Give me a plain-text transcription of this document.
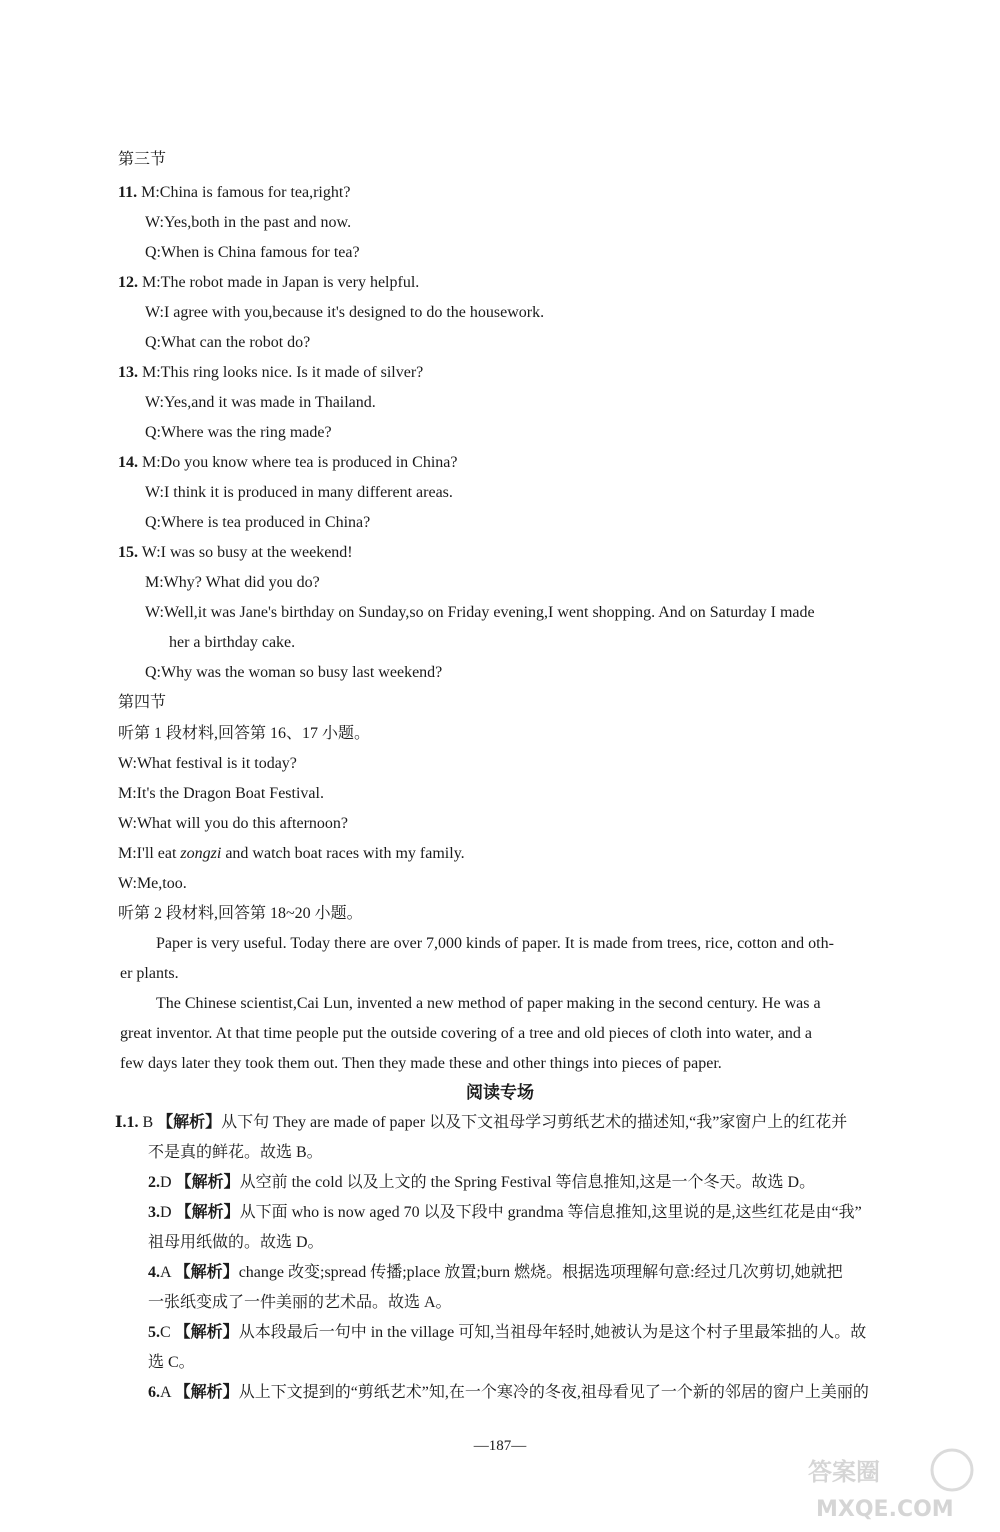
第三节
11. M:China is famous for tea,right?
W:Yes,both in the past and now.
Q:When is China famous for tea?
12. M:The robot made in Japan is very helpful.
W:I agree with you,because it's designed to do the housework.
Q:What can the robot do?
13. M:This ring looks nice. Is it made of silver?
W:Yes,and it was made in Thailand.
Q:Where was the ring made?
14. M:Do you know where tea is produced in China?
W:I think it is produced in many different areas.
Q:Where is tea produced in China?
15. W:I was so busy at the weekend!
M:Why? What did you do?
W:Well,it was Jane's birthday on Sunday,so on Friday evening,I went shopping. And on Saturday I made
her a birthday cake.
Q:Why was the woman so busy last weekend?
第四节
听第 1 段材料,回答第 16、17 小题。
W:What festival is it today?
M:It's the Dragon Boat Festival.
W:What will you do this afternoon?
M:I'll eat zongzi and watch boat races with my family.
W:Me,too.
听第 2 段材料,回答第 18~20 小题。
Paper is very useful. Today there are over 7,000 kinds of paper. It is made from trees, rice, cotton and oth-
er plants.
The Chinese scientist,Cai Lun, invented a new method of paper making in the second century. He was a
great inventor. At that time people put the outside covering of a tree and old pieces of cloth into water, and a
few days later they took them out. Then they made these and other things into pieces of paper.
阅读专场
Ⅰ.1. B 【解析】从下句 They are made of paper 以及下文祖母学习剪纸艺术的描述知,“我”家窗户上的红花并
不是真的鲜花。故选 B。
2.D 【解析】从空前 the cold 以及上文的 the Spring Festival 等信息推知,这是一个冬天。故选 D。
3.D 【解析】从下面 who is now aged 70 以及下段中 grandma 等信息推知,这里说的是,这些红花是由“我”
祖母用纸做的。故选 D。
4.A 【解析】change 改变;spread 传播;place 放置;burn 燃烧。根据选项理解句意:经过几次剪切,她就把
一张纸变成了一件美丽的艺术品。故选 A。
5.C 【解析】从本段最后一句中 in the village 可知,当祖母年轻时,她被认为是这个村子里最笨拙的人。故
选 C。
6.A 【解析】从上下文提到的“剪纸艺术”知,在一个寒冷的冬夜,祖母看见了一个新的邻居的窗户上美丽的
—187—
答案圈
MXQE.COM
